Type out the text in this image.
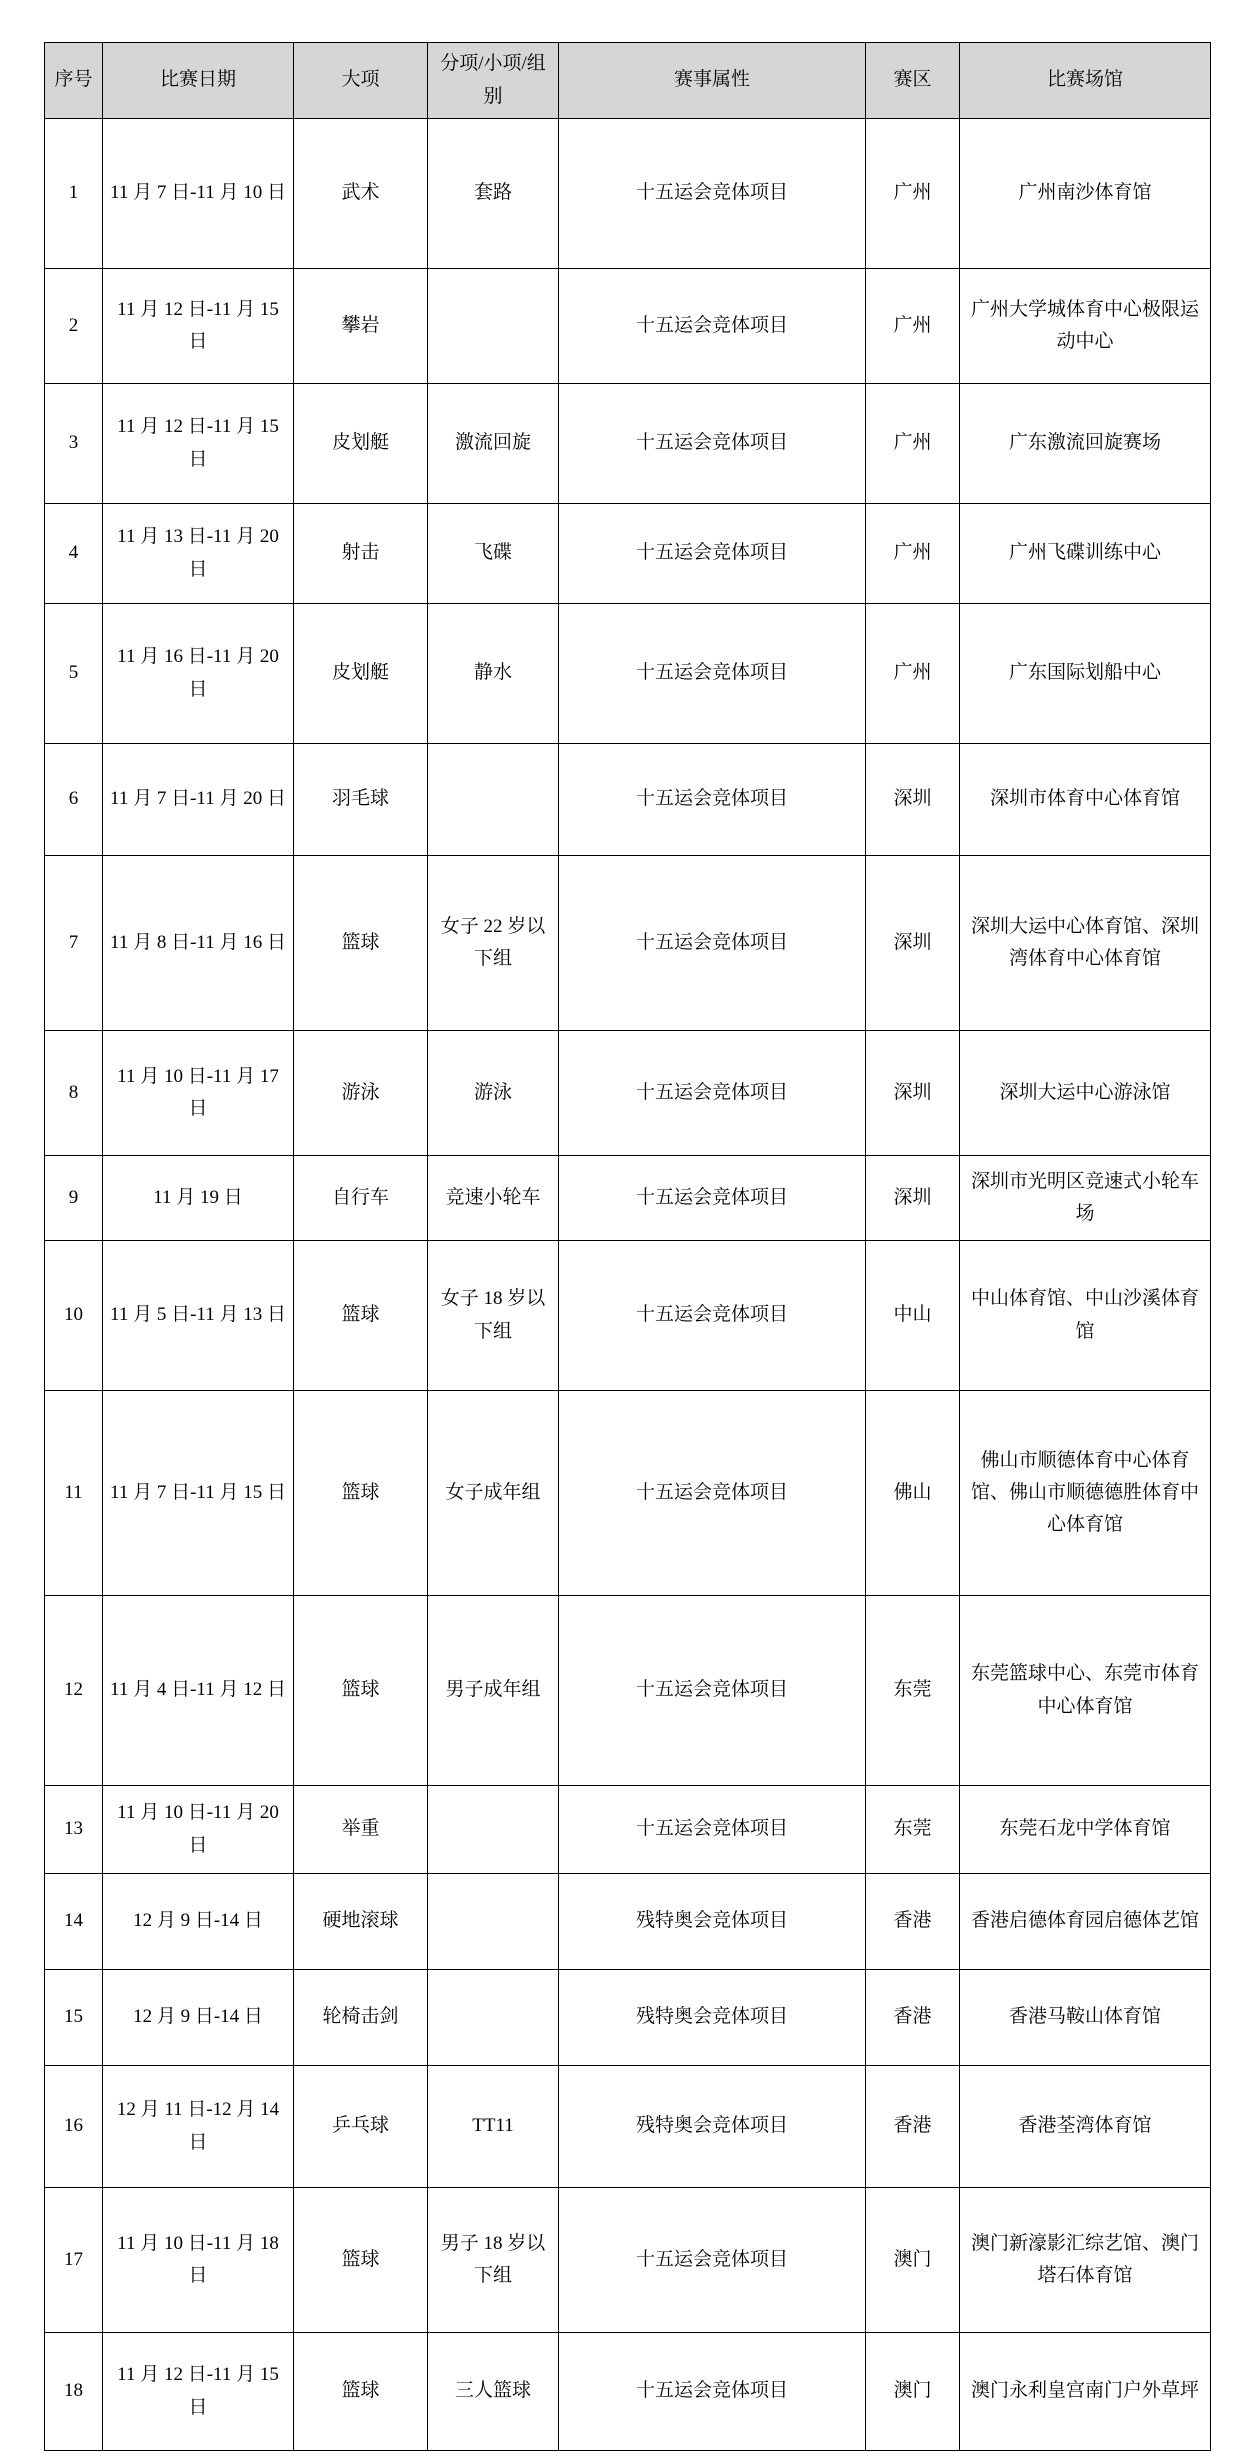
序号	比赛日期	大项	分项/小项/组别	赛事属性	赛区	比赛场馆
1	11 月 7 日-11 月 10 日	武术	套路	十五运会竞体项目	广州	广州南沙体育馆
2	11 月 12 日-11 月 15 日	攀岩		十五运会竞体项目	广州	广州大学城体育中心极限运动中心
3	11 月 12 日-11 月 15 日	皮划艇	激流回旋	十五运会竞体项目	广州	广东激流回旋赛场
4	11 月 13 日-11 月 20 日	射击	飞碟	十五运会竞体项目	广州	广州飞碟训练中心
5	11 月 16 日-11 月 20 日	皮划艇	静水	十五运会竞体项目	广州	广东国际划船中心
6	11 月 7 日-11 月 20 日	羽毛球		十五运会竞体项目	深圳	深圳市体育中心体育馆
7	11 月 8 日-11 月 16 日	篮球	女子 22 岁以下组	十五运会竞体项目	深圳	深圳大运中心体育馆、深圳湾体育中心体育馆
8	11 月 10 日-11 月 17 日	游泳	游泳	十五运会竞体项目	深圳	深圳大运中心游泳馆
9	11 月 19 日	自行车	竞速小轮车	十五运会竞体项目	深圳	深圳市光明区竞速式小轮车场
10	11 月 5 日-11 月 13 日	篮球	女子 18 岁以下组	十五运会竞体项目	中山	中山体育馆、中山沙溪体育馆
11	11 月 7 日-11 月 15 日	篮球	女子成年组	十五运会竞体项目	佛山	佛山市顺德体育中心体育馆、佛山市顺德德胜体育中心体育馆
12	11 月 4 日-11 月 12 日	篮球	男子成年组	十五运会竞体项目	东莞	东莞篮球中心、东莞市体育中心体育馆
13	11 月 10 日-11 月 20 日	举重		十五运会竞体项目	东莞	东莞石龙中学体育馆
14	12 月 9 日-14 日	硬地滚球		残特奥会竞体项目	香港	香港启德体育园启德体艺馆
15	12 月 9 日-14 日	轮椅击剑		残特奥会竞体项目	香港	香港马鞍山体育馆
16	12 月 11 日-12 月 14 日	乒乓球	TT11	残特奥会竞体项目	香港	香港荃湾体育馆
17	11 月 10 日-11 月 18 日	篮球	男子 18 岁以下组	十五运会竞体项目	澳门	澳门新濠影汇综艺馆、澳门塔石体育馆
18	11 月 12 日-11 月 15 日	篮球	三人篮球	十五运会竞体项目	澳门	澳门永利皇宫南门户外草坪
